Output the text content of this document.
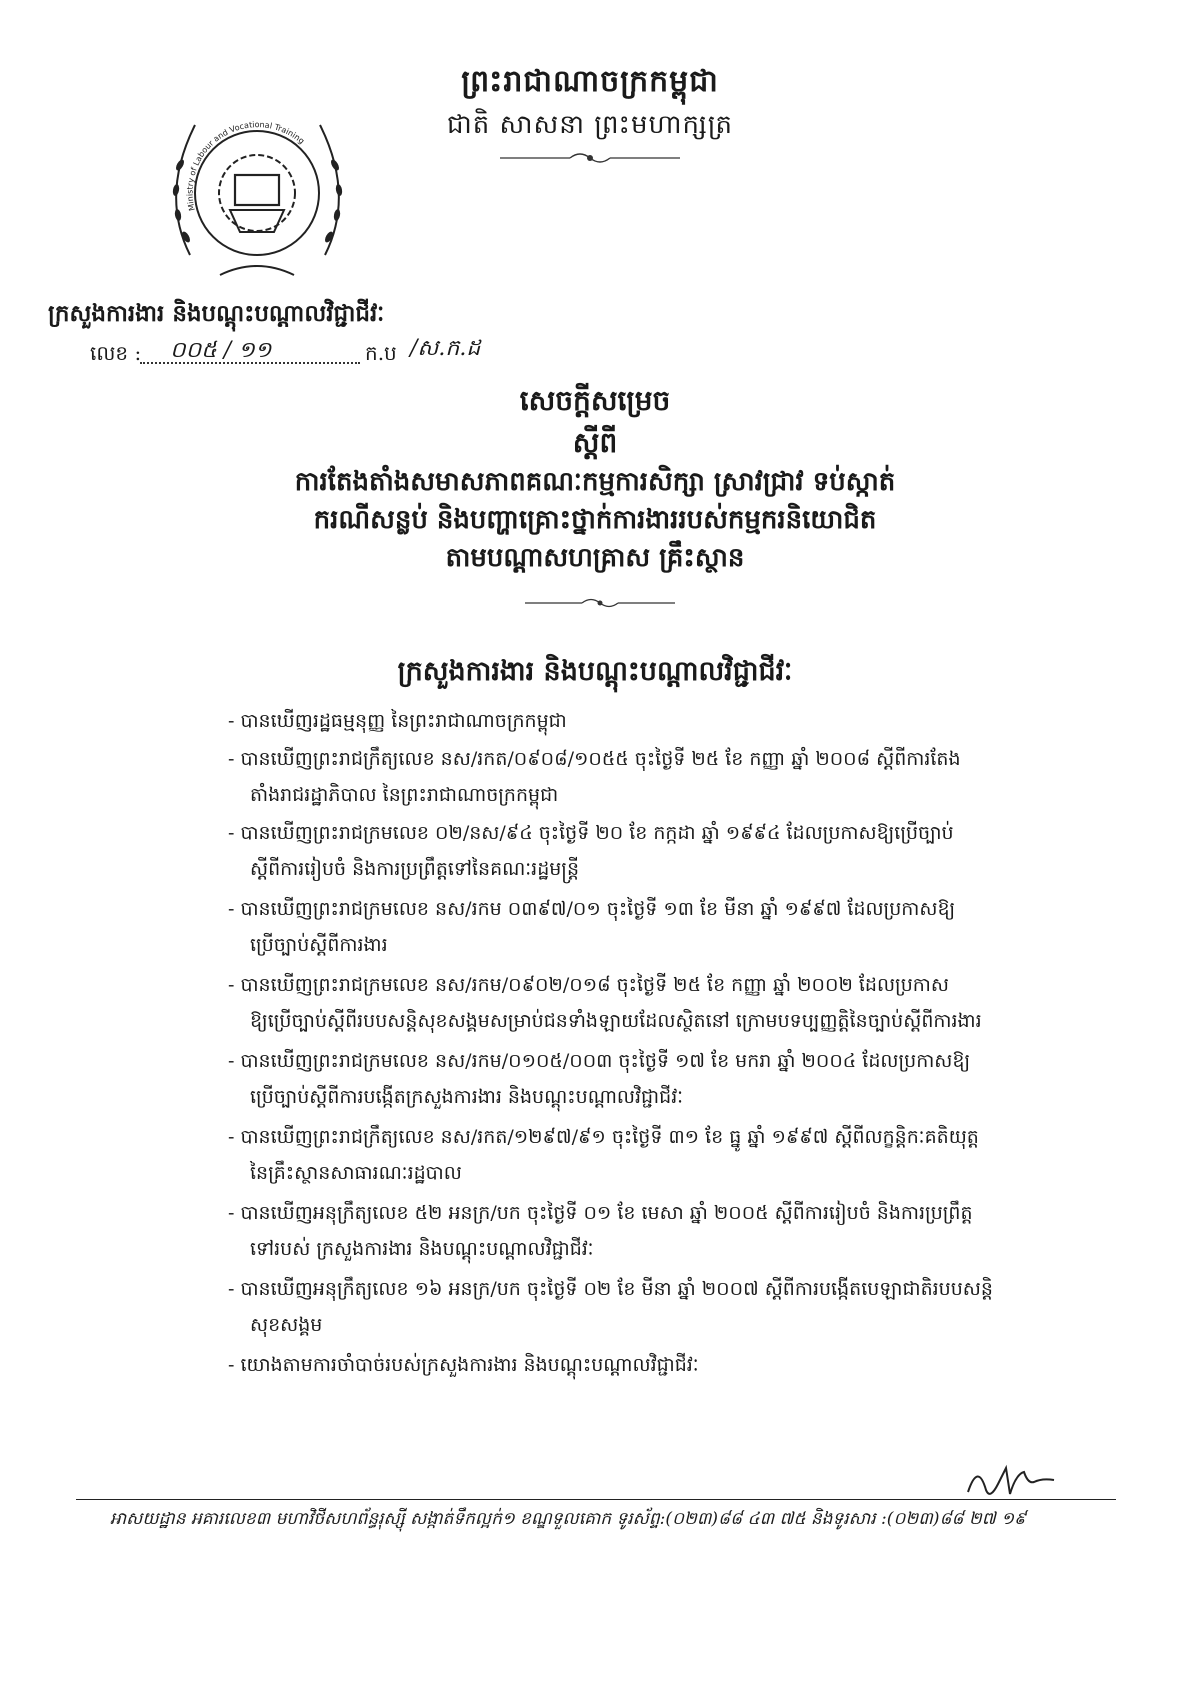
ព្រះរាជាណាចក្រកម្ពុជា
ជាតិ សាសនា ព្រះមហាក្សត្រ
Ministry of Labour and Vocational Training
ក្រសួងការងារ និងបណ្តុះបណ្តាលវិជ្ជាជីវៈ
លេខ : ០០៥ / ១១	ក.ប /ស.ក.ដ
សេចក្តីសម្រេច
ស្តីពី
ការតែងតាំងសមាសភាពគណៈកម្មការសិក្សា ស្រាវជ្រាវ ទប់ស្កាត់
ករណីសន្លប់ និងបញ្ហាគ្រោះថ្នាក់ការងាររបស់កម្មករនិយោជិត
តាមបណ្តាសហគ្រាស គ្រឹះស្ថាន
ក្រសួងការងារ និងបណ្តុះបណ្តាលវិជ្ជាជីវៈ
- បានឃើញរដ្ឋធម្មនុញ្ញ នៃព្រះរាជាណាចក្រកម្ពុជា
- បានឃើញព្រះរាជក្រឹត្យលេខ នស/រកត/០៩០៨/១០៥៥ ចុះថ្ងៃទី ២៥ ខែ កញ្ញា ឆ្នាំ ២០០៨ ស្តីពីការតែង
តាំងរាជរដ្ឋាភិបាល នៃព្រះរាជាណាចក្រកម្ពុជា
- បានឃើញព្រះរាជក្រមលេខ ០២/នស/៩៤ ចុះថ្ងៃទី ២០ ខែ កក្កដា ឆ្នាំ ១៩៩៤ ដែលប្រកាសឱ្យប្រើច្បាប់
ស្តីពីការរៀបចំ និងការប្រព្រឹត្តទៅនៃគណៈរដ្ឋមន្ត្រី
- បានឃើញព្រះរាជក្រមលេខ នស/រកម ០៣៩៧/០១ ចុះថ្ងៃទី ១៣ ខែ មីនា ឆ្នាំ ១៩៩៧ ដែលប្រកាសឱ្យ
ប្រើច្បាប់ស្តីពីការងារ
- បានឃើញព្រះរាជក្រមលេខ នស/រកម/០៩០២/០១៨ ចុះថ្ងៃទី ២៥ ខែ កញ្ញា ឆ្នាំ ២០០២ ដែលប្រកាស
ឱ្យប្រើច្បាប់ស្តីពីរបបសន្តិសុខសង្គមសម្រាប់ជនទាំងឡាយដែលស្ថិតនៅ ក្រោមបទប្បញ្ញត្តិនៃច្បាប់ស្តីពីការងារ
- បានឃើញព្រះរាជក្រមលេខ នស/រកម/០១០៥/០០៣ ចុះថ្ងៃទី ១៧ ខែ មករា ឆ្នាំ ២០០៤ ដែលប្រកាសឱ្យ
ប្រើច្បាប់ស្តីពីការបង្កើតក្រសួងការងារ និងបណ្តុះបណ្តាលវិជ្ជាជីវៈ
- បានឃើញព្រះរាជក្រឹត្យលេខ នស/រកត/១២៩៧/៩១ ចុះថ្ងៃទី ៣១ ខែ ធ្នូ ឆ្នាំ ១៩៩៧ ស្តីពីលក្ខន្តិកៈគតិយុត្ត
នៃគ្រឹះស្ថានសាធារណៈរដ្ឋបាល
- បានឃើញអនុក្រឹត្យលេខ ៥២ អនក្រ/បក ចុះថ្ងៃទី ០១ ខែ មេសា ឆ្នាំ ២០០៥ ស្តីពីការរៀបចំ និងការប្រព្រឹត្ត
ទៅរបស់ ក្រសួងការងារ និងបណ្តុះបណ្តាលវិជ្ជាជីវៈ
- បានឃើញអនុក្រឹត្យលេខ ១៦ អនក្រ/បក ចុះថ្ងៃទី ០២ ខែ មីនា ឆ្នាំ ២០០៧ ស្តីពីការបង្កើតបេឡាជាតិរបបសន្តិ
សុខសង្គម
- យោងតាមការចាំបាច់របស់ក្រសួងការងារ និងបណ្តុះបណ្តាលវិជ្ជាជីវៈ
អាសយដ្ឋាន អគារលេខ៣ មហាវិថីសហព័ន្ធរុស្ស៊ី សង្កាត់ទឹកល្អក់១ ខណ្ឌទួលគោក ទូរស័ព្ទ:(០២៣)៨៨ ៤៣ ៧៥ និងទូរសារ :(០២៣)៨៨ ២៧ ១៩
